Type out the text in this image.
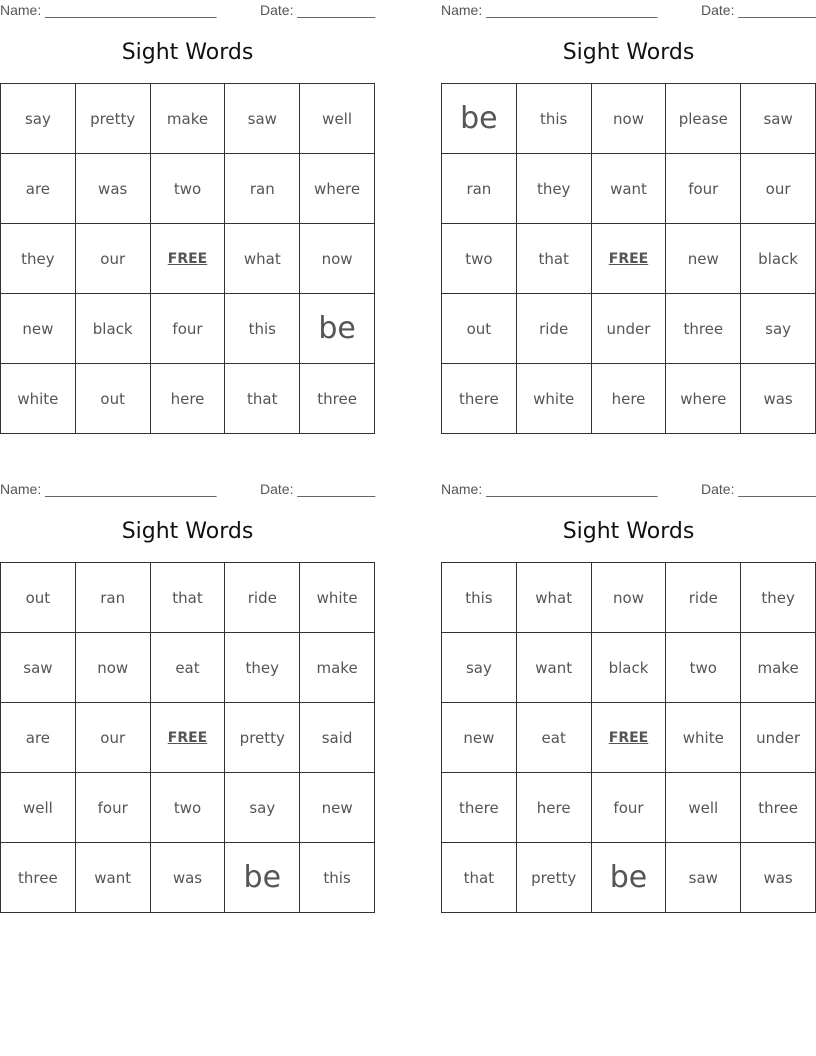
Name: ______________________	Date: __________
Sight Words
say	pretty	make	saw	well
are	was	two	ran	where
they	our	FREE	what	now
new	black	four	this	be
white	out	here	that	three
Name: ______________________	Date: __________
Sight Words
be	this	now	please	saw
ran	they	want	four	our
two	that	FREE	new	black
out	ride	under	three	say
there	white	here	where	was
Name: ______________________	Date: __________
Sight Words
out	ran	that	ride	white
saw	now	eat	they	make
are	our	FREE	pretty	said
well	four	two	say	new
three	want	was	be	this
Name: ______________________	Date: __________
Sight Words
this	what	now	ride	they
say	want	black	two	make
new	eat	FREE	white	under
there	here	four	well	three
that	pretty	be	saw	was
